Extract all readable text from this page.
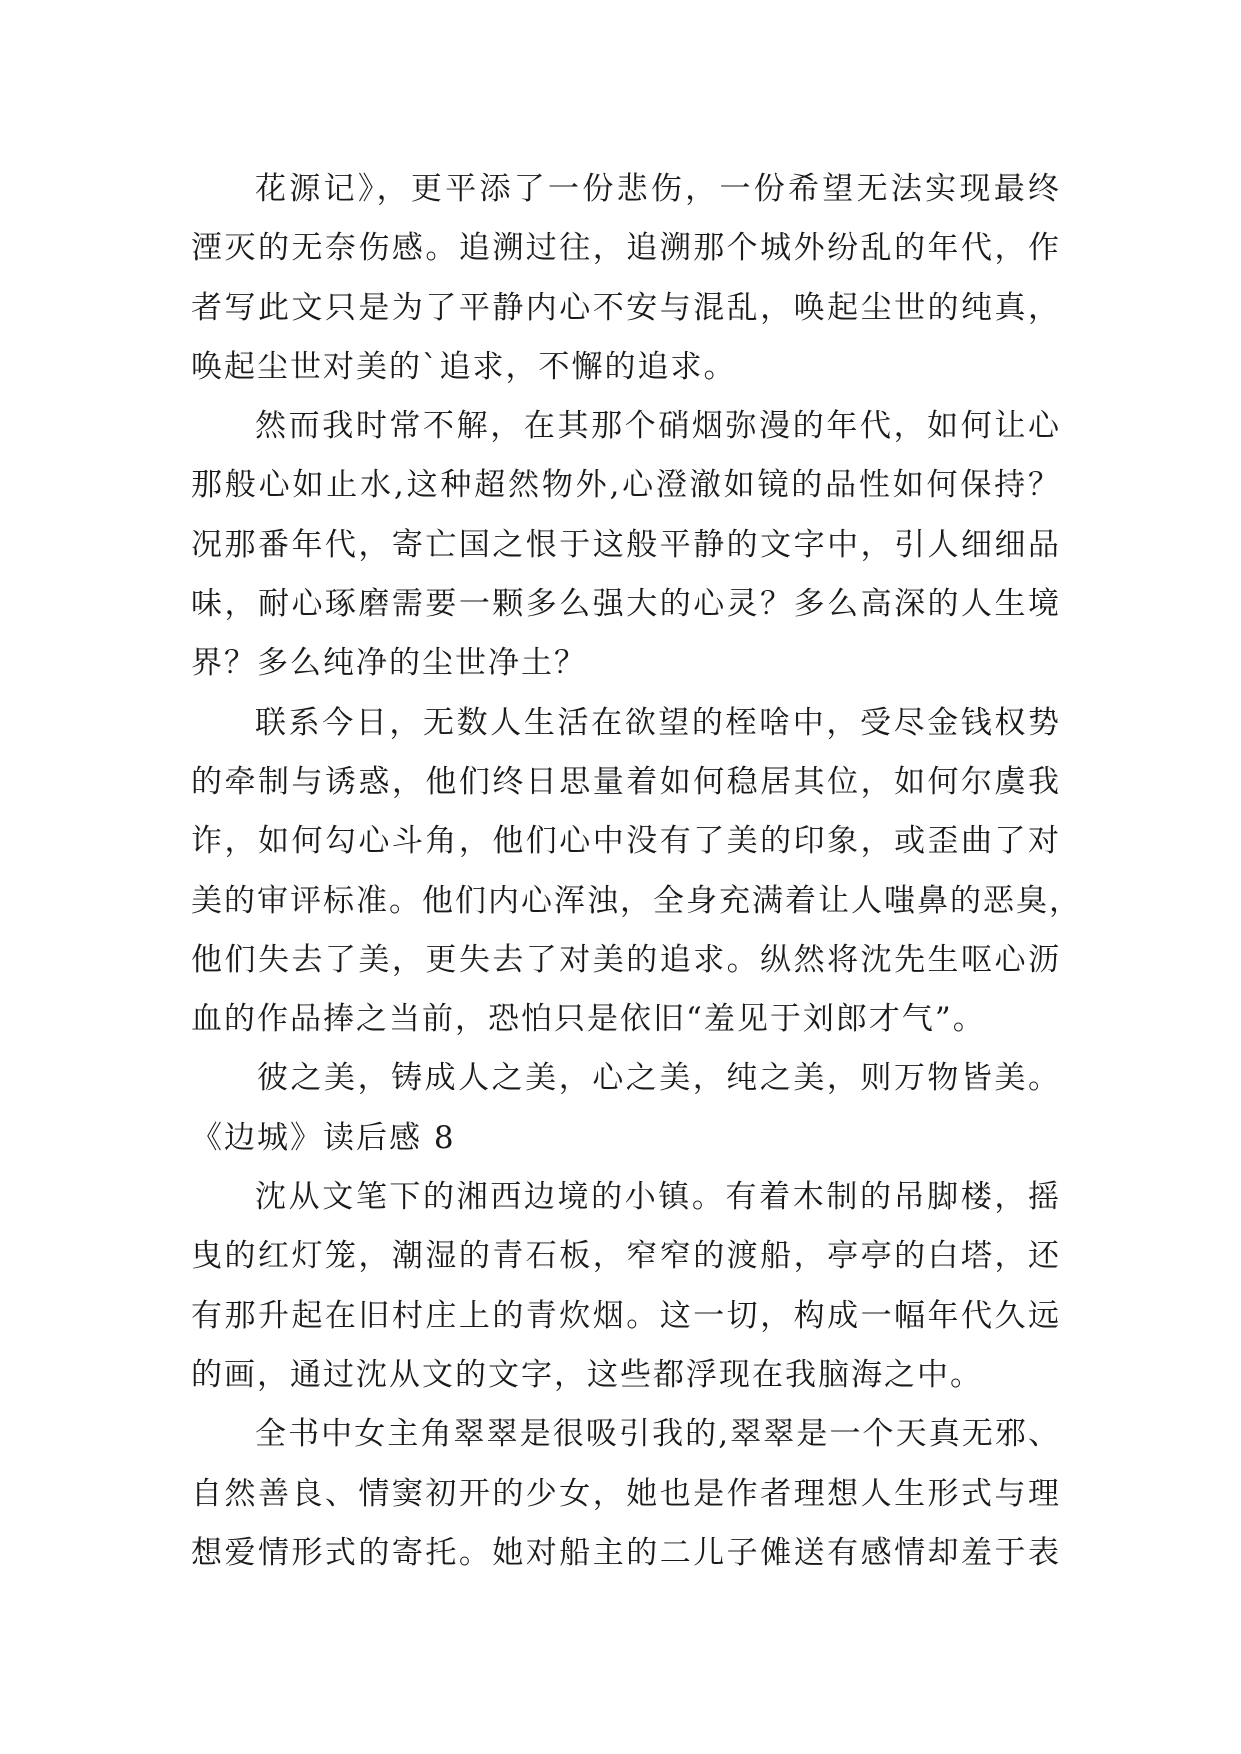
花源记》，更平添了一份悲伤，一份希望无法实现最终
湮灭的无奈伤感。追溯过往，追溯那个城外纷乱的年代，作
者写此文只是为了平静内心不安与混乱，唤起尘世的纯真，
唤起尘世对美的`追求，不懈的追求。
然而我时常不解，在其那个硝烟弥漫的年代，如何让心
那般心如止水,这种超然物外,心澄澈如镜的品性如何保持？
况那番年代，寄亡国之恨于这般平静的文字中，引人细细品
味，耐心琢磨需要一颗多么强大的心灵？多么高深的人生境
界？多么纯净的尘世净土？
联系今日，无数人生活在欲望的桎啥中，受尽金钱权势
的牵制与诱惑，他们终日思量着如何稳居其位，如何尔虞我
诈，如何勾心斗角，他们心中没有了美的印象，或歪曲了对
美的审评标准。他们内心浑浊，全身充满着让人嗤鼻的恶臭，
他们失去了美，更失去了对美的追求。纵然将沈先生呕心沥
血的作品捧之当前，恐怕只是依旧“羞见于刘郎才气”。
彼之美，铸成人之美，心之美，纯之美，则万物皆美。
《边城》读后感 8
沈从文笔下的湘西边境的小镇。有着木制的吊脚楼，摇
曳的红灯笼，潮湿的青石板，窄窄的渡船，亭亭的白塔，还
有那升起在旧村庄上的青炊烟。这一切，构成一幅年代久远
的画，通过沈从文的文字，这些都浮现在我脑海之中。
全书中女主角翠翠是很吸引我的,翠翠是一个天真无邪、
自然善良、情窦初开的少女，她也是作者理想人生形式与理
想爱情形式的寄托。她对船主的二儿子傩送有感情却羞于表
